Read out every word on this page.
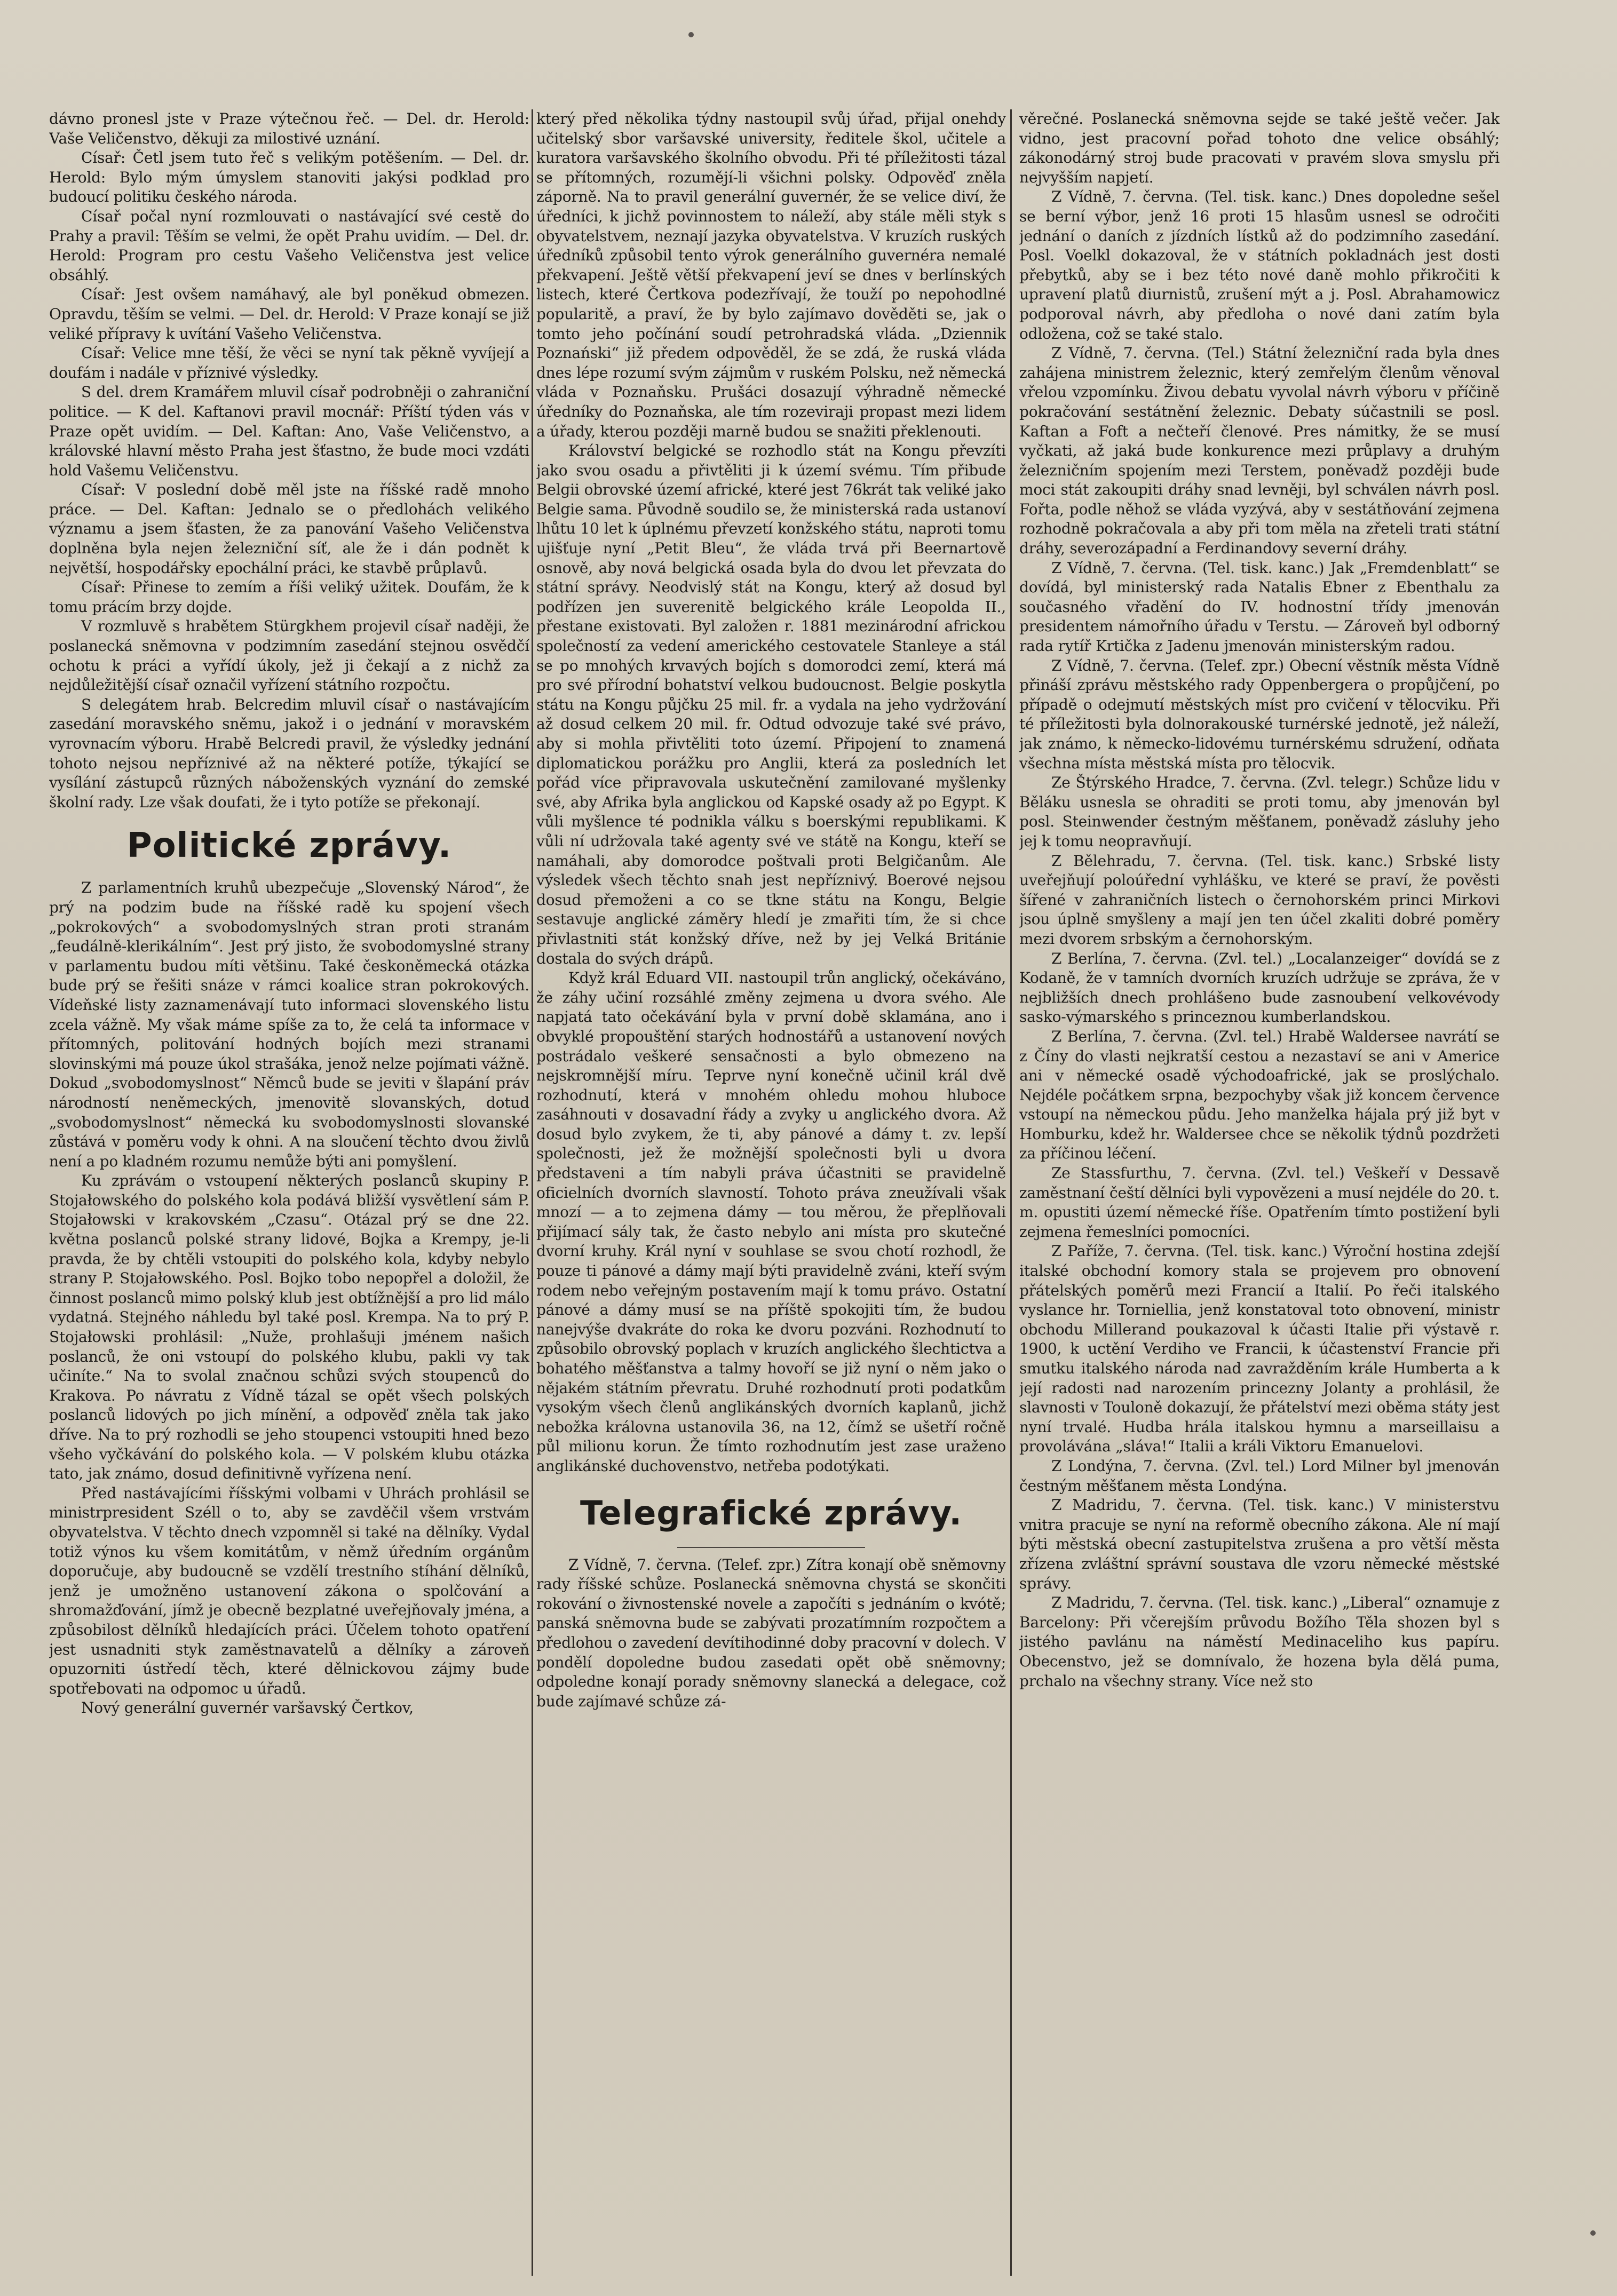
dávno pronesl jste v Praze výtečnou řeč. — Del. dr. Herold: Vaše Veličenstvo, děkuji za milostivé uznání.

Císař: Četl jsem tuto řeč s velikým potěšením. — Del. dr. Herold: Bylo mým úmyslem stanoviti jakýsi podklad pro budoucí politiku českého národa.

Císař počal nyní rozmlouvati o nastávající své cestě do Prahy a pravil: Těším se velmi, že opět Prahu uvidím. — Del. dr. Herold: Program pro cestu Vašeho Veličenstva jest velice obsáhlý.

Císař: Jest ovšem namáhavý, ale byl poněkud obmezen. Opravdu, těším se velmi. — Del. dr. Herold: V Praze konají se již veliké přípravy k uvítání Vašeho Veličenstva.

Císař: Velice mne těší, že věci se nyní tak pěkně vyvíjejí a doufám i nadále v příznivé výsledky.

S del. drem Kramářem mluvil císař podrobněji o zahraniční politice. — K del. Kaftanovi pravil mocnář: Příští týden vás v Praze opět uvidím. — Del. Kaftan: Ano, Vaše Veličenstvo, a královské hlavní město Praha jest šťastno, že bude moci vzdáti hold Vašemu Veličenstvu.

Císař: V poslední době měl jste na říšské radě mnoho práce. — Del. Kaftan: Jednalo se o předlohách velikého významu a jsem šťasten, že za panování Vašeho Veličenstva doplněna byla nejen železniční síť, ale že i dán podnět k největší, hospodářsky epochální práci, ke stavbě průplavů.

Císař: Přinese to zemím a říši veliký užitek. Doufám, že k tomu prácím brzy dojde.

V rozmluvě s hrabětem Stürgkhem projevil císař naději, že poslanecká sněmovna v podzimním zasedání stejnou osvědčí ochotu k práci a vyřídí úkoly, jež ji čekají a z nichž za nejdůležitější císař označil vyřízení státního rozpočtu.

S delegátem hrab. Belcredim mluvil císař o nastávajícím zasedání moravského sněmu, jakož i o jednání v moravském vyrovnacím výboru. Hrabě Belcredi pravil, že výsledky jednání tohoto nejsou nepříznivé až na některé potíže, týkající se vysílání zástupců různých náboženských vyznání do zemské školní rady. Lze však doufati, že i tyto potíže se překonají.

Politické zprávy.

Z parlamentních kruhů ubezpečuje „Slovenský Národ“, že prý na podzim bude na říšské radě ku spojení všech „pokrokových“ a svobodomyslných stran proti stranám „feudálně-klerikálním“. Jest prý jisto, že svobodomyslné strany v parlamentu budou míti většinu. Také českoněmecká otázka bude prý se řešiti snáze v rámci koalice stran pokrokových. Vídeňské listy zaznamenávají tuto informaci slovenského listu zcela vážně. My však máme spíše za to, že celá ta informace v přítomných, politování hodných bojích mezi stranami slovinskými má pouze úkol strašáka, jenož nelze pojímati vážně. Dokud „svobodomyslnost“ Němců bude se jeviti v šlapání práv národností neněmeckých, jmenovitě slovanských, dotud „svobodomyslnost“ německá ku svobodomyslnosti slovanské zůstává v poměru vody k ohni. A na sloučení těchto dvou živlů není a po kladném rozumu nemůže býti ani pomyšlení.

Ku zprávám o vstoupení některých poslanců skupiny P. Stojałowského do polského kola podává bližší vysvětlení sám P. Stojałowski v krakovském „Czasu“. Otázal prý se dne 22. května poslanců polské strany lidové, Bojka a Krempy, je-li pravda, že by chtěli vstoupiti do polského kola, kdyby nebylo strany P. Stojałowského. Posl. Bojko tobo nepopřel a doložil, že činnost poslanců mimo polský klub jest obtížnější a pro lid málo vydatná. Stejného náhledu byl také posl. Krempa. Na to prý P. Stojałowski prohlásil: „Nuže, prohlašuji jménem našich poslanců, že oni vstoupí do polského klubu, pakli vy tak učiníte.“ Na to svolal značnou schůzi svých stoupenců do Krakova. Po návratu z Vídně tázal se opět všech polských poslanců lidových po jich mínění, a odpověď zněla tak jako dříve. Na to prý rozhodli se jeho stoupenci vstoupiti hned bezo všeho vyčkávání do polského kola. — V polském klubu otázka tato, jak známo, dosud definitivně vyřízena není.

Před nastávajícími říšskými volbami v Uhrách prohlásil se ministrpresident Széll o to, aby se zavděčil všem vrstvám obyvatelstva. V těchto dnech vzpomněl si také na dělníky. Vydal totiž výnos ku všem komitátům, v němž úředním orgánům doporučuje, aby budoucně se vzdělí trestního stíhání dělníků, jenž je umožněno ustanovení zákona o spolčování a shromažďování, jímž je obecně bezplatné uveřejňovaly jména, a způsobilost dělníků hledajících práci. Účelem tohoto opatření jest usnadniti styk zaměstnavatelů a dělníky a zároveň opuzorniti ústředí těch, které dělnickovou zájmy bude spotřebovati na odpomoc u úřadů.

Nový generální guvernér varšavský Čertkov,

který před několika týdny nastoupil svůj úřad, přijal onehdy učitelský sbor varšavské university, ředitele škol, učitele a kuratora varšavského školního obvodu. Při té příležitosti tázal se přítomných, rozumějí-li všichni polsky. Odpověď zněla záporně. Na to pravil generální guvernér, že se velice diví, že úředníci, k jichž povinnostem to náleží, aby stále měli styk s obyvatelstvem, neznají jazyka obyvatelstva. V kruzích ruských úředníků způsobil tento výrok generálního guvernéra nemalé překvapení. Ještě větší překvapení jeví se dnes v berlínských listech, které Čertkova podezřívají, že touží po nepohodlné popularitě, a praví, že by bylo zajímavo dověděti se, jak o tomto jeho počínání soudí petrohradská vláda. „Dziennik Poznański“ již předem odpověděl, že se zdá, že ruská vláda dnes lépe rozumí svým zájmům v ruském Polsku, než německá vláda v Poznaňsku. Prušáci dosazují výhradně německé úředníky do Poznaňska, ale tím rozeviraji propast mezi lidem a úřady, kterou později marně budou se snažiti překlenouti.

Království belgické se rozhodlo stát na Kongu převzíti jako svou osadu a přivtěliti ji k území svému. Tím přibude Belgii obrovské území africké, které jest 76krát tak veliké jako Belgie sama. Původně soudilo se, že ministerská rada ustanoví lhůtu 10 let k úplnému převzetí konžského státu, naproti tomu ujišťuje nyní „Petit Bleu“, že vláda trvá při Beernartově osnově, aby nová belgická osada byla do dvou let převzata do státní správy. Neodvislý stát na Kongu, který až dosud byl podřízen jen suverenitě belgického krále Leopolda II., přestane existovati. Byl založen r. 1881 mezinárodní africkou společností za vedení amerického cestovatele Stanleye a stál se po mnohých krvavých bojích s domorodci zemí, která má pro své přírodní bohatství velkou budoucnost. Belgie poskytla státu na Kongu půjčku 25 mil. fr. a vydala na jeho vydržování až dosud celkem 20 mil. fr. Odtud odvozuje také své právo, aby si mohla přivtěliti toto území. Připojení to znamená diplomatickou porážku pro Anglii, která za posledních let pořád více připravovala uskutečnění zamilované myšlenky své, aby Afrika byla anglickou od Kapské osady až po Egypt. K vůli myšlence té podnikla válku s boerskými republikami. K vůli ní udržovala také agenty své ve státě na Kongu, kteří se namáhali, aby domorodce poštvali proti Belgičanům. Ale výsledek všech těchto snah jest nepříznivý. Boerové nejsou dosud přemoženi a co se tkne státu na Kongu, Belgie sestavuje anglické záměry hledí je zmařiti tím, že si chce přivlastniti stát konžský dříve, než by jej Velká Británie dostala do svých drápů.

Když král Eduard VII. nastoupil trůn anglický, očekáváno, že záhy učiní rozsáhlé změny zejmena u dvora svého. Ale napjatá tato očekávání byla v první době sklamána, ano i obvyklé propouštění starých hodnostářů a ustanovení nových postrádalo veškeré sensačnosti a bylo obmezeno na nejskromnější míru. Teprve nyní konečně učinil král dvě rozhodnutí, která v mnohém ohledu mohou hluboce zasáhnouti v dosavadní řády a zvyky u anglického dvora. Až dosud bylo zvykem, že ti, aby pánové a dámy t. zv. lepší společnosti, jež že možnější společnosti byli u dvora představeni a tím nabyli práva účastniti se pravidelně oficielních dvorních slavností. Tohoto práva zneužívali však mnozí — a to zejmena dámy — tou měrou, že přeplňovali přijímací sály tak, že často nebylo ani místa pro skutečné dvorní kruhy. Král nyní v souhlase se svou chotí rozhodl, že pouze ti pánové a dámy mají býti pravidelně zváni, kteří svým rodem nebo veřejným postavením mají k tomu právo. Ostatní pánové a dámy musí se na příště spokojiti tím, že budou nanejvýše dvakráte do roka ke dvoru pozváni. Rozhodnutí to způsobilo obrovský poplach v kruzích anglického šlechtictva a bohatého měšťanstva a talmy hovoří se již nyní o něm jako o nějakém státním převratu. Druhé rozhodnutí proti podatkům vysokým všech členů anglikánských dvorních kaplanů, jichž nebožka královna ustanovila 36, na 12, čímž se ušetří ročně půl milionu korun. Že tímto rozhodnutím jest zase uraženo anglikánské duchovenstvo, netřeba podotýkati.

Telegrafické zprávy.

Z Vídně, 7. června. (Telef. zpr.) Zítra konají obě sněmovny rady říšské schůze. Poslanecká sněmovna chystá se skončiti rokování o živnostenské novele a započíti s jednáním o kvótě; panská sněmovna bude se zabývati prozatímním rozpočtem a předlohou o zavedení devítihodinné doby pracovní v dolech. V pondělí dopoledne budou zasedati opět obě sněmovny; odpoledne konají porady sněmovny slanecká a delegace, což bude zajímavé schůze zá-

věrečné. Poslanecká sněmovna sejde se také ještě večer. Jak vidno, jest pracovní pořad tohoto dne velice obsáhlý; zákonodárný stroj bude pracovati v pravém slova smyslu při nejvyšším napjetí.

Z Vídně, 7. června. (Tel. tisk. kanc.) Dnes dopoledne sešel se berní výbor, jenž 16 proti 15 hlasům usnesl se odročiti jednání o daních z jízdních lístků až do podzimního zasedání. Posl. Voelkl dokazoval, že v státních pokladnách jest dosti přebytků, aby se i bez této nové daně mohlo přikročiti k upravení platů diurnistů, zrušení mýt a j. Posl. Abrahamowicz podporoval návrh, aby předloha o nové dani zatím byla odložena, což se také stalo.

Z Vídně, 7. června. (Tel.) Státní železniční rada byla dnes zahájena ministrem železnic, který zemřelým členům věnoval vřelou vzpomínku. Živou debatu vyvolal návrh výboru v příčině pokračování sestátnění železnic. Debaty súčastnili se posl. Kaftan a Foft a nečteří členové. Pres námitky, že se musí vyčkati, až jaká bude konkurence mezi průplavy a druhým železničním spojením mezi Terstem, poněvadž později bude moci stát zakoupiti dráhy snad levněji, byl schválen návrh posl. Fořta, podle něhož se vláda vyzývá, aby v sestátňování zejmena rozhodně pokračovala a aby při tom měla na zřeteli trati státní dráhy, severozápadní a Ferdinandovy severní dráhy.

Z Vídně, 7. června. (Tel. tisk. kanc.) Jak „Fremdenblatt“ se dovídá, byl ministerský rada Natalis Ebner z Ebenthalu za současného vřadění do IV. hodnostní třídy jmenován presidentem námořního úřadu v Terstu. — Zároveň byl odborný rada rytíř Krtička z Jadenu jmenován ministerským radou.

Z Vídně, 7. června. (Telef. zpr.) Obecní věstník města Vídně přináší zprávu městského rady Oppenbergera o propůjčení, po případě o odejmutí městských míst pro cvičení v tělocviku. Při té příležitosti byla dolnorakouské turnérské jednotě, jež náleží, jak známo, k německo-lidovému turnérskému sdružení, odňata všechna místa městská místa pro tělocvik.

Ze Štýrského Hradce, 7. června. (Zvl. telegr.) Schůze lidu v Běláku usnesla se ohraditi se proti tomu, aby jmenován byl posl. Steinwender čestným měšťanem, poněvadž zásluhy jeho jej k tomu neopravňují.

Z Bělehradu, 7. června. (Tel. tisk. kanc.) Srbské listy uveřejňují poloúřední vyhlášku, ve které se praví, že pověsti šířené v zahraničních listech o černohorském princi Mirkovi jsou úplně smyšleny a mají jen ten účel zkaliti dobré poměry mezi dvorem srbským a černohorským.

Z Berlína, 7. června. (Zvl. tel.) „Localanzeiger“ dovídá se z Kodaně, že v tamních dvorních kruzích udržuje se zpráva, že v nejbližších dnech prohlášeno bude zasnoubení velkovévody sasko-výmarského s princeznou kumberlandskou.

Z Berlína, 7. června. (Zvl. tel.) Hrabě Waldersee navrátí se z Číny do vlasti nejkratší cestou a nezastaví se ani v Americe ani v německé osadě východoafrické, jak se proslýchalo. Nejdéle počátkem srpna, bezpochyby však již koncem července vstoupí na německou půdu. Jeho manželka hájala prý již byt v Homburku, kdež hr. Waldersee chce se několik týdnů pozdržeti za příčinou léčení.

Ze Stassfurthu, 7. června. (Zvl. tel.) Veškeří v Dessavě zaměstnaní čeští dělníci byli vypovězeni a musí nejdéle do 20. t. m. opustiti území německé říše. Opatřením tímto postižení byli zejmena řemeslníci pomocníci.

Z Paříže, 7. června. (Tel. tisk. kanc.) Výroční hostina zdejší italské obchodní komory stala se projevem pro obnovení přátelských poměrů mezi Francií a Italií. Po řeči italského vyslance hr. Torniellia, jenž konstatoval toto obnovení, ministr obchodu Millerand poukazoval k účasti Italie při výstavě r. 1900, k uctění Verdiho ve Francii, k účastenství Francie při smutku italského národa nad zavražděním krále Humberta a k její radosti nad narozením princezny Jolanty a prohlásil, že slavnosti v Touloně dokazují, že přátelství mezi oběma státy jest nyní trvalé. Hudba hrála italskou hymnu a marseillaisu a provolávána „sláva!“ Italii a králi Viktoru Emanuelovi.

Z Londýna, 7. června. (Zvl. tel.) Lord Milner byl jmenován čestným měšťanem města Londýna.

Z Madridu, 7. června. (Tel. tisk. kanc.) V ministerstvu vnitra pracuje se nyní na reformě obecního zákona. Ale ní mají býti městská obecní zastupitelstva zrušena a pro větší města zřízena zvláštní správní soustava dle vzoru německé městské správy.

Z Madridu, 7. června. (Tel. tisk. kanc.) „Liberal“ oznamuje z Barcelony: Při včerejším průvodu Božího Těla shozen byl s jistého pavlánu na náměstí Medinaceliho kus papíru. Obecenstvo, jež se domnívalo, že hozena byla dělá puma, prchalo na všechny strany. Více než sto
